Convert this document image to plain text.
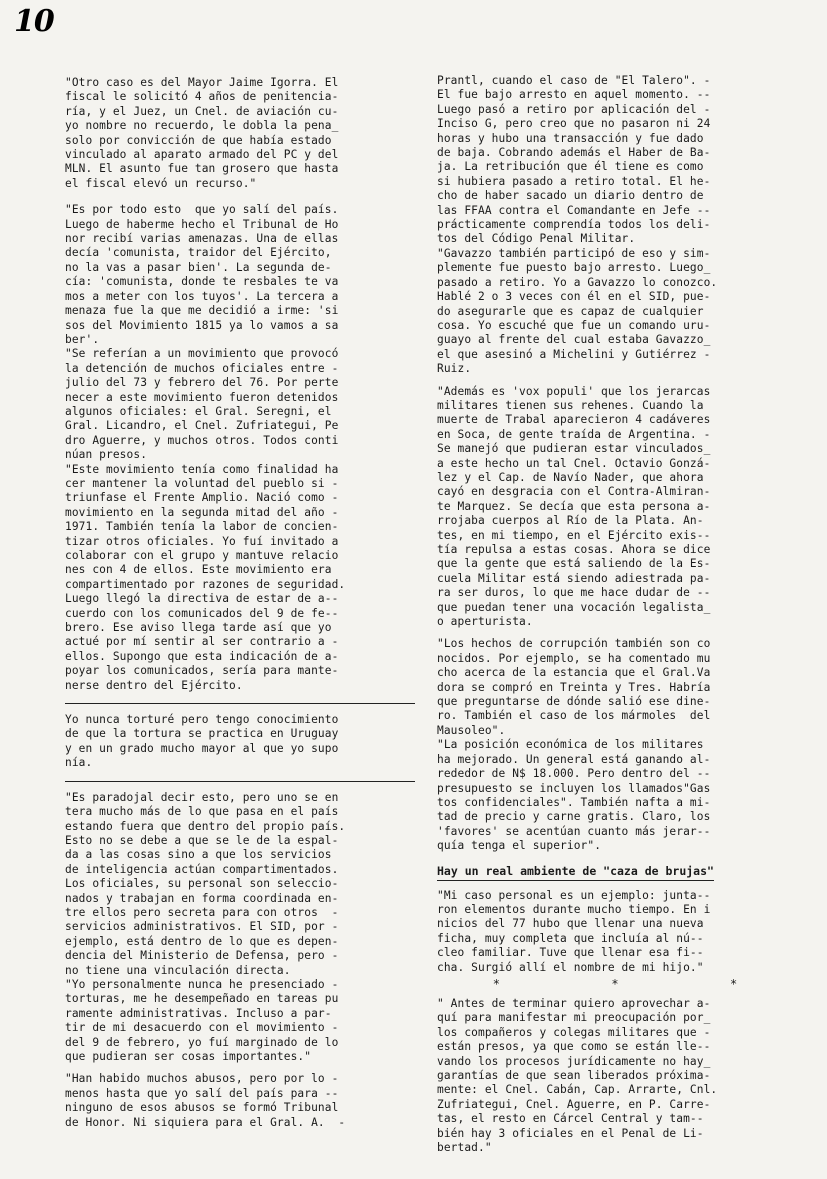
10

"Otro caso es del Mayor Jaime Igorra. El
fiscal le solicitó 4 años de penitencia-
ría, y el Juez, un Cnel. de aviación cu-
yo nombre no recuerdo, le dobla la pena_
solo por convicción de que había estado
vinculado al aparato armado del PC y del
MLN. El asunto fue tan grosero que hasta
el fiscal elevó un recurso."

"Es por todo esto  que yo salí del país.
Luego de haberme hecho el Tribunal de Ho
nor recibí varias amenazas. Una de ellas
decía 'comunista, traidor del Ejército,
no la vas a pasar bien'. La segunda de-
cía: 'comunista, donde te resbales te va
mos a meter con los tuyos'. La tercera a
menaza fue la que me decidió a irme: 'si
sos del Movimiento 1815 ya lo vamos a sa
ber'.

"Se referían a un movimiento que provocó
la detención de muchos oficiales entre -
julio del 73 y febrero del 76. Por perte
necer a este movimiento fueron detenidos
algunos oficiales: el Gral. Seregni, el
Gral. Licandro, el Cnel. Zufriategui, Pe
dro Aguerre, y muchos otros. Todos conti
núan presos.

"Este movimiento tenía como finalidad ha
cer mantener la voluntad del pueblo si -
triunfase el Frente Amplio. Nació como -
movimiento en la segunda mitad del año -
1971. También tenía la labor de concien-
tizar otros oficiales. Yo fuí invitado a
colaborar con el grupo y mantuve relacio
nes con 4 de ellos. Este movimiento era
compartimentado por razones de seguridad.
Luego llegó la directiva de estar de a--
cuerdo con los comunicados del 9 de fe--
brero. Ese aviso llega tarde así que yo
actué por mí sentir al ser contrario a -
ellos. Supongo que esta indicación de a-
poyar los comunicados, sería para mante-
nerse dentro del Ejército.

Yo nunca torturé pero tengo conocimiento
de que la tortura se practica en Uruguay
y en un grado mucho mayor al que yo supo
nía.

"Es paradojal decir esto, pero uno se en
tera mucho más de lo que pasa en el país
estando fuera que dentro del propio país.
Esto no se debe a que se le de la espal-
da a las cosas sino a que los servicios
de inteligencia actúan compartimentados.
Los oficiales, su personal son seleccio-
nados y trabajan en forma coordinada en-
tre ellos pero secreta para con otros  -
servicios administrativos. El SID, por -
ejemplo, está dentro de lo que es depen-
dencia del Ministerio de Defensa, pero -
no tiene una vinculación directa.

"Yo personalmente nunca he presenciado -
torturas, me he desempeñado en tareas pu
ramente administrativas. Incluso a par-
tir de mi desacuerdo con el movimiento -
del 9 de febrero, yo fuí marginado de lo
que pudieran ser cosas importantes."

"Han habido muchos abusos, pero por lo -
menos hasta que yo salí del país para --
ninguno de esos abusos se formó Tribunal
de Honor. Ni siquiera para el Gral. A.  -

Prantl, cuando el caso de "El Talero". -
El fue bajo arresto en aquel momento. --
Luego pasó a retiro por aplicación del -
Inciso G, pero creo que no pasaron ni 24
horas y hubo una transacción y fue dado
de baja. Cobrando además el Haber de Ba-
ja. La retribución que él tiene es como
si hubiera pasado a retiro total. El he-
cho de haber sacado un diario dentro de
las FFAA contra el Comandante en Jefe --
prácticamente comprendía todos los deli-
tos del Código Penal Militar.

"Gavazzo también participó de eso y sim-
plemente fue puesto bajo arresto. Luego_
pasado a retiro. Yo a Gavazzo lo conozco.
Hablé 2 o 3 veces con él en el SID, pue-
do asegurarle que es capaz de cualquier
cosa. Yo escuché que fue un comando uru-
guayo al frente del cual estaba Gavazzo_
el que asesinó a Michelini y Gutiérrez -
Ruiz.

"Además es 'vox populi' que los jerarcas
militares tienen sus rehenes. Cuando la
muerte de Trabal aparecieron 4 cadáveres
en Soca, de gente traída de Argentina. -
Se manejó que pudieran estar vinculados_
a este hecho un tal Cnel. Octavio Gonzá-
lez y el Cap. de Navío Nader, que ahora
cayó en desgracia con el Contra-Almiran-
te Marquez. Se decía que esta persona a-
rrojaba cuerpos al Río de la Plata. An-
tes, en mi tiempo, en el Ejército exis--
tía repulsa a estas cosas. Ahora se dice
que la gente que está saliendo de la Es-
cuela Militar está siendo adiestrada pa-
ra ser duros, lo que me hace dudar de --
que puedan tener una vocación legalista_
o aperturista.

"Los hechos de corrupción también son co
nocidos. Por ejemplo, se ha comentado mu
cho acerca de la estancia que el Gral.Va
dora se compró en Treinta y Tres. Habría
que preguntarse de dónde salió ese dine-
ro. También el caso de los mármoles  del
Mausoleo".

"La posición económica de los militares
ha mejorado. Un general está ganando al-
rededor de N$ 18.000. Pero dentro del --
presupuesto se incluyen los llamados"Gas
tos confidenciales". También nafta a mi-
tad de precio y carne gratis. Claro, los
'favores' se acentúan cuanto más jerar--
quía tenga el superior".

Hay un real ambiente de "caza de brujas"

"Mi caso personal es un ejemplo: junta--
ron elementos durante mucho tiempo. En i
nicios del 77 hubo que llenar una nueva
ficha, muy completa que incluía al nú--
cleo familiar. Tuve que llenar esa fi--
cha. Surgió allí el nombre de mi hijo."

*	*	*

" Antes de terminar quiero aprovechar a-
quí para manifestar mi preocupación por_
los compañeros y colegas militares que -
están presos, ya que como se están lle--
vando los procesos jurídicamente no hay_
garantías de que sean liberados próxima-
mente: el Cnel. Cabán, Cap. Arrarte, Cnl.
Zufriategui, Cnel. Aguerre, en P. Carre-
tas, el resto en Cárcel Central y tam--
bién hay 3 oficiales en el Penal de Li-
bertad."
